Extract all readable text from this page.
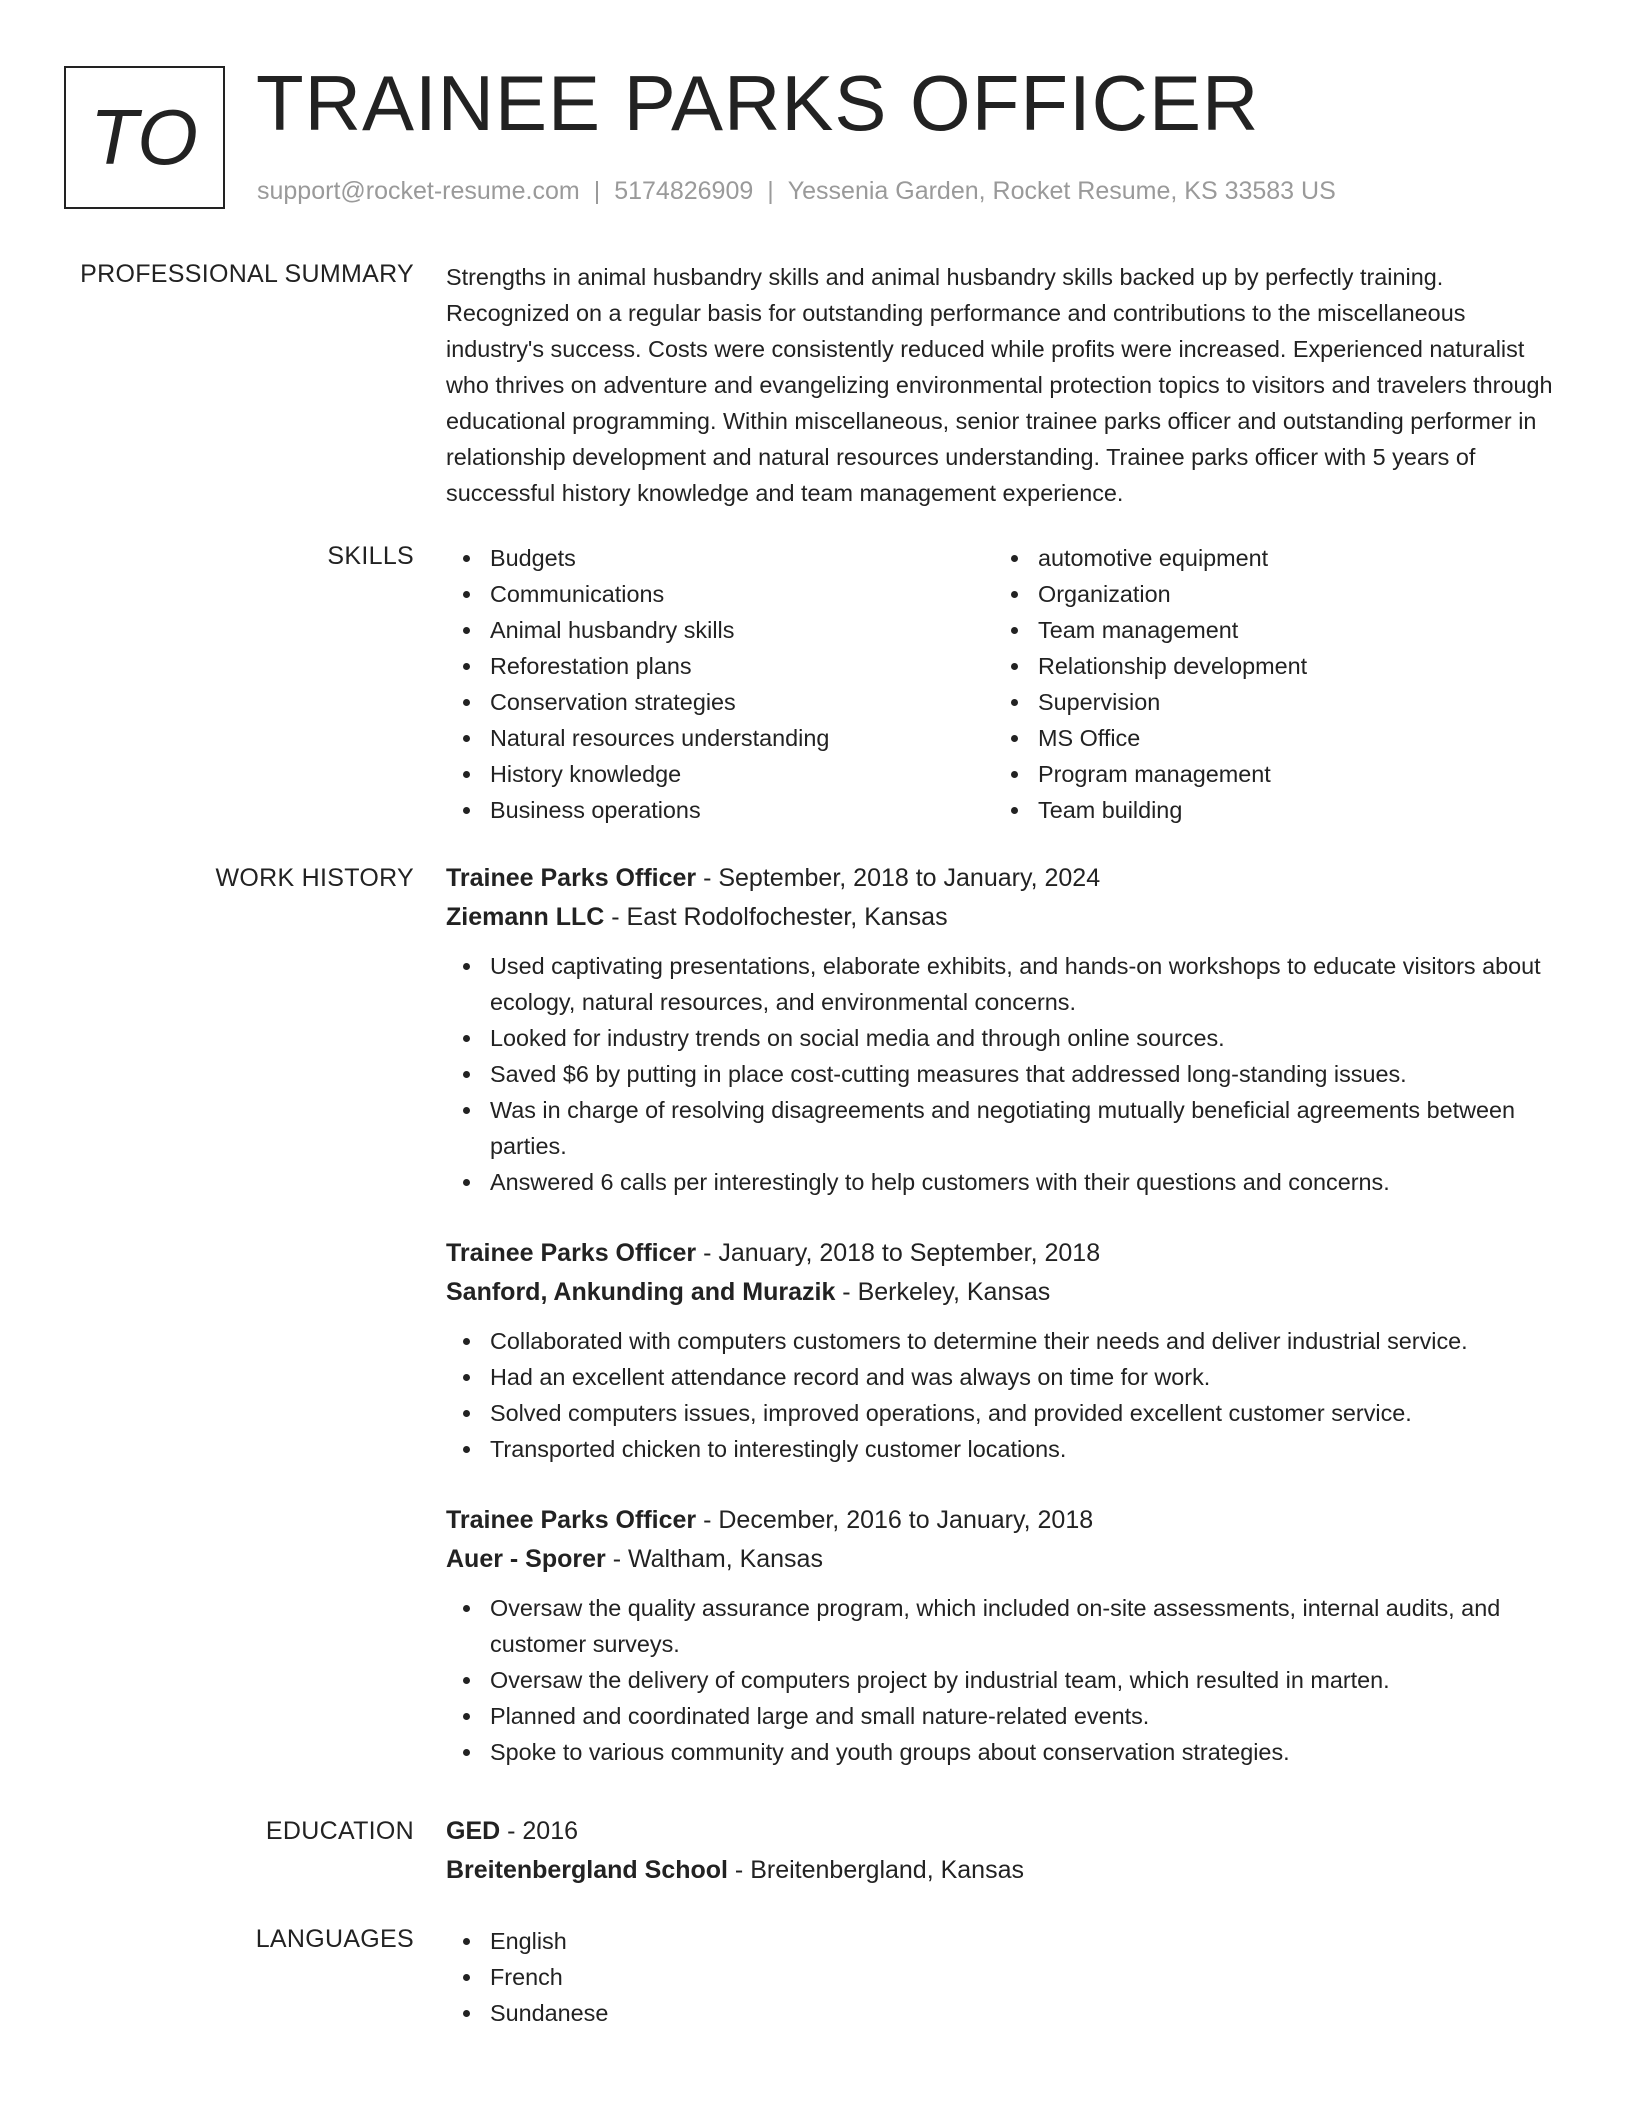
TO TRAINEE PARKS OFFICER
support@rocket-resume.com | 5174826909 | Yessenia Garden, Rocket Resume, KS 33583 US
PROFESSIONAL SUMMARY Strengths in animal husbandry skills and animal husbandry skills backed up by perfectly training. Recognized on a regular basis for outstanding performance and contributions to the miscellaneous industry's success. Costs were consistently reduced while profits were increased. Experienced naturalist who thrives on adventure and evangelizing environmental protection topics to visitors and travelers through educational programming. Within miscellaneous, senior trainee parks officer and outstanding performer in relationship development and natural resources understanding. Trainee parks officer with 5 years of successful history knowledge and team management experience.
SKILLS	Budgets
Communications
Animal husbandry skills
Reforestation plans
Conservation strategies
Natural resources understanding
History knowledge
Business operations
automotive equipment
Organization
Team management
Relationship development
Supervision
MS Office
Program management
Team building
WORK HISTORY Trainee Parks Officer - September, 2018 to January, 2024
Ziemann LLC - East Rodolfochester, Kansas
Used captivating presentations, elaborate exhibits, and hands-on workshops to educate visitors about ecology, natural resources, and environmental concerns.
Looked for industry trends on social media and through online sources.
Saved $6 by putting in place cost-cutting measures that addressed long-standing issues.
Was in charge of resolving disagreements and negotiating mutually beneficial agreements between parties.
Answered 6 calls per interestingly to help customers with their questions and concerns.
Trainee Parks Officer - January, 2018 to September, 2018
Sanford, Ankunding and Murazik - Berkeley, Kansas
Collaborated with computers customers to determine their needs and deliver industrial service.
Had an excellent attendance record and was always on time for work.
Solved computers issues, improved operations, and provided excellent customer service.
Transported chicken to interestingly customer locations.
Trainee Parks Officer - December, 2016 to January, 2018
Auer - Sporer - Waltham, Kansas
Oversaw the quality assurance program, which included on-site assessments, internal audits, and customer surveys.
Oversaw the delivery of computers project by industrial team, which resulted in marten.
Planned and coordinated large and small nature-related events.
Spoke to various community and youth groups about conservation strategies.
EDUCATION GED - 2016
Breitenbergland School - Breitenbergland, Kansas
LANGUAGES	English
French
Sundanese
